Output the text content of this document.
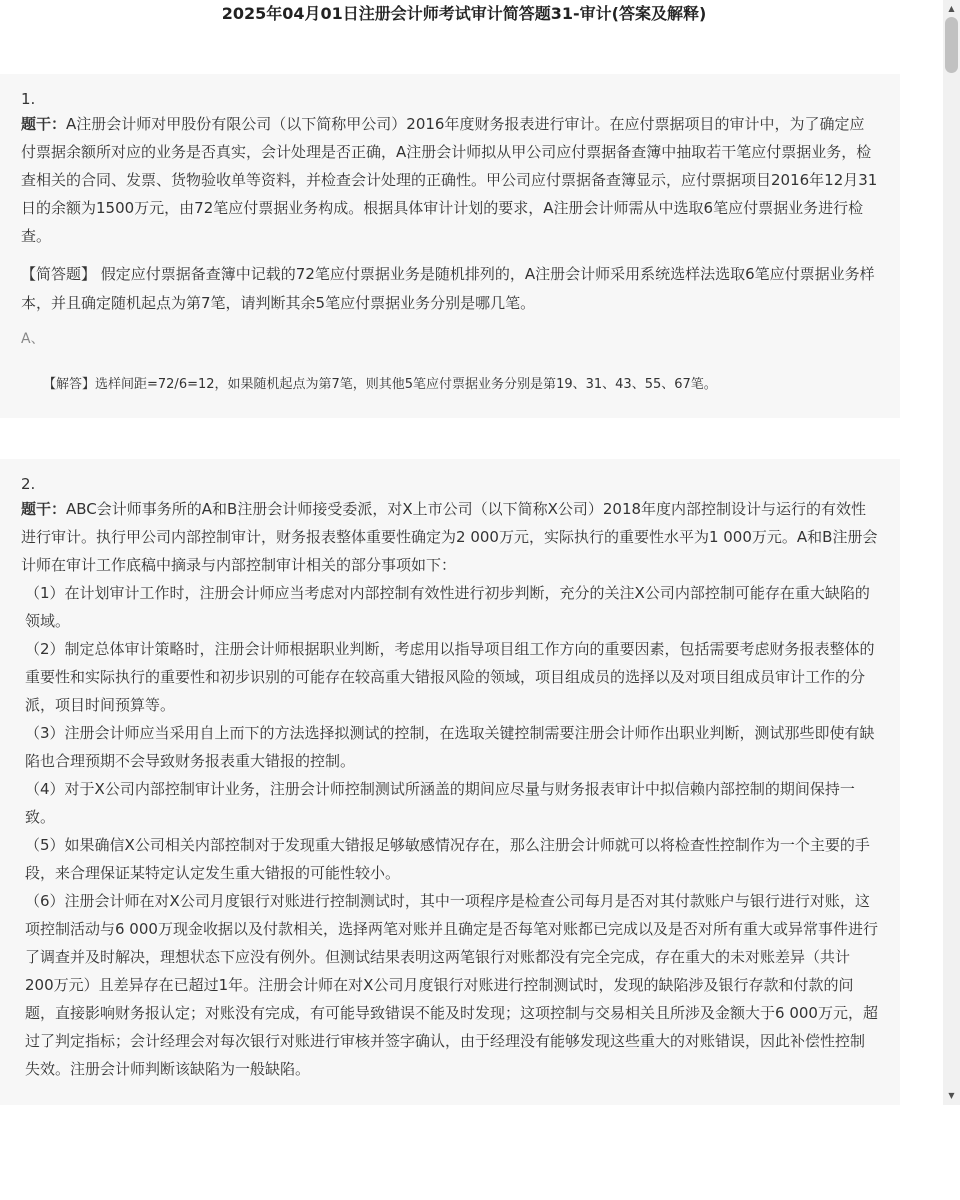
2025年04月01日注册会计师考试审计简答题31-审计(答案及解释)
1.
题干：A注册会计师对甲股份有限公司（以下简称甲公司）2016年度财务报表进行审计。在应付票据项目的审计中，为了确定应付票据余额所对应的业务是否真实，会计处理是否正确，A注册会计师拟从甲公司应付票据备查簿中抽取若干笔应付票据业务，检查相关的合同、发票、货物验收单等资料，并检查会计处理的正确性。甲公司应付票据备查簿显示，应付票据项目2016年12月31日的余额为1500万元，由72笔应付票据业务构成。根据具体审计计划的要求，A注册会计师需从中选取6笔应付票据业务进行检查。
【简答题】 假定应付票据备查簿中记载的72笔应付票据业务是随机排列的，A注册会计师采用系统选样法选取6笔应付票据业务样本，并且确定随机起点为第7笔，请判断其余5笔应付票据业务分别是哪几笔。
A、
【解答】选样间距=72/6=12，如果随机起点为第7笔，则其他5笔应付票据业务分别是第19、31、43、55、67笔。
2.
题干：ABC会计师事务所的A和B注册会计师接受委派，对X上市公司（以下简称X公司）2018年度内部控制设计与运行的有效性进行审计。执行甲公司内部控制审计，财务报表整体重要性确定为2 000万元，实际执行的重要性水平为1 000万元。A和B注册会计师在审计工作底稿中摘录与内部控制审计相关的部分事项如下：
（1）在计划审计工作时，注册会计师应当考虑对内部控制有效性进行初步判断，充分的关注X公司内部控制可能存在重大缺陷的领域。
（2）制定总体审计策略时，注册会计师根据职业判断，考虑用以指导项目组工作方向的重要因素，包括需要考虑财务报表整体的重要性和实际执行的重要性和初步识别的可能存在较高重大错报风险的领域，项目组成员的选择以及对项目组成员审计工作的分派，项目时间预算等。
（3）注册会计师应当采用自上而下的方法选择拟测试的控制，在选取关键控制需要注册会计师作出职业判断，测试那些即使有缺陷也合理预期不会导致财务报表重大错报的控制。
（4）对于X公司内部控制审计业务，注册会计师控制测试所涵盖的期间应尽量与财务报表审计中拟信赖内部控制的期间保持一致。
（5）如果确信X公司相关内部控制对于发现重大错报足够敏感情况存在，那么注册会计师就可以将检查性控制作为一个主要的手段，来合理保证某特定认定发生重大错报的可能性较小。
（6）注册会计师在对X公司月度银行对账进行控制测试时，其中一项程序是检查公司每月是否对其付款账户与银行进行对账，这项控制活动与6 000万现金收据以及付款相关，选择两笔对账并且确定是否每笔对账都已完成以及是否对所有重大或异常事件进行了调查并及时解决，理想状态下应没有例外。但测试结果表明这两笔银行对账都没有完全完成，存在重大的未对账差异（共计200万元）且差异存在已超过1年。注册会计师在对X公司月度银行对账进行控制测试时，发现的缺陷涉及银行存款和付款的问题，直接影响财务报认定；对账没有完成，有可能导致错误不能及时发现；这项控制与交易相关且所涉及金额大于6 000万元，超过了判定指标；会计经理会对每次银行对账进行审核并签字确认，由于经理没有能够发现这些重大的对账错误，因此补偿性控制失效。注册会计师判断该缺陷为一般缺陷。
▲
▼
